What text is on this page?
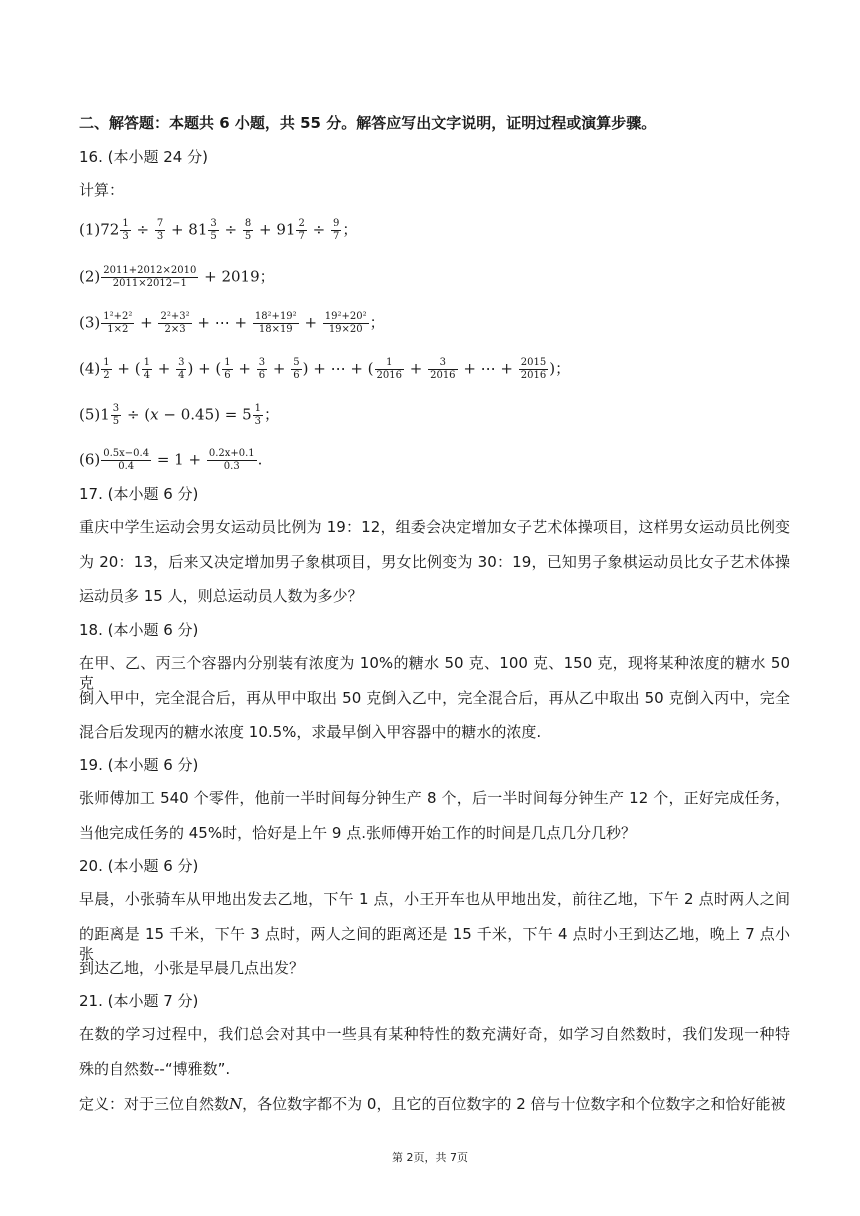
二、解答题：本题共 6 小题，共 55 分。解答应写出文字说明，证明过程或演算步骤。
16. (本小题 24 分)
计算：
$(1)72 \frac{1}{3} \div \frac{7}{3} + 81 \frac{3}{5} \div \frac{8}{5} + 91 \frac{2}{7} \div \frac{9}{7}$ ；
$(2) \frac{2011+2012\times 2010}{2011\times 2012-1} + 2019$；
$(3) \frac{\text{1²+2²}}{1\times 2} + \frac{\text{2²+3²}}{2\times 3}$ + ⋯ + $\frac{\text{18²+19²}}{18\times 19} + \frac{\text{19²+20²}}{19\times 20}$ ；
$(4) \frac{1}{2}$ + ( $\frac{1}{4} + \frac{3}{4}$ ) + ( $\frac{1}{6} + \frac{3}{6} + \frac{5}{6}$ ) + ⋯ + ( $\frac{1}{2016} + \frac{3}{2016}$ + ⋯ + $\frac{2015}{2016}$ )；
$(5)1 \frac{3}{5} \div (x - 0.45) = 5 \frac{1}{3}$ ；
$(6) \frac{0.5x-0.4}{0.4} = 1 + \frac{0.2x+0.1}{0.3}$ .
17. (本小题 6 分)
重庆中学生运动会男女运动员比例为 19：12，组委会决定增加女子艺术体操项目，这样男女运动员比例变
为 20：13，后来又决定增加男子象棋项目，男女比例变为 30：19，已知男子象棋运动员比女子艺术体操
运动员多 15 人，则总运动员人数为多少？
18. (本小题 6 分)
在甲、乙、丙三个容器内分别装有浓度为 10%的糖水 50 克、100 克、150 克，现将某种浓度的糖水 50 克
倒入甲中，完全混合后，再从甲中取出 50 克倒入乙中，完全混合后，再从乙中取出 50 克倒入丙中，完全
混合后发现丙的糖水浓度 10.5%，求最早倒入甲容器中的糖水的浓度.
19. (本小题 6 分)
张师傅加工 540 个零件，他前一半时间每分钟生产 8 个，后一半时间每分钟生产 12 个，正好完成任务，
当他完成任务的 45%时，恰好是上午 9 点.张师傅开始工作的时间是几点几分几秒？
20. (本小题 6 分)
早晨，小张骑车从甲地出发去乙地，下午 1 点，小王开车也从甲地出发，前往乙地，下午 2 点时两人之间
的距离是 15 千米，下午 3 点时，两人之间的距离还是 15 千米，下午 4 点时小王到达乙地，晚上 7 点小张
到达乙地，小张是早晨几点出发？
21. (本小题 7 分)
在数的学习过程中，我们总会对其中一些具有某种特性的数充满好奇，如学习自然数时，我们发现一种特
殊的自然数--“博雅数”.
定义：对于三位自然数N，各位数字都不为 0，且它的百位数字的 2 倍与十位数字和个位数字之和恰好能被
第 2页，共 7页
